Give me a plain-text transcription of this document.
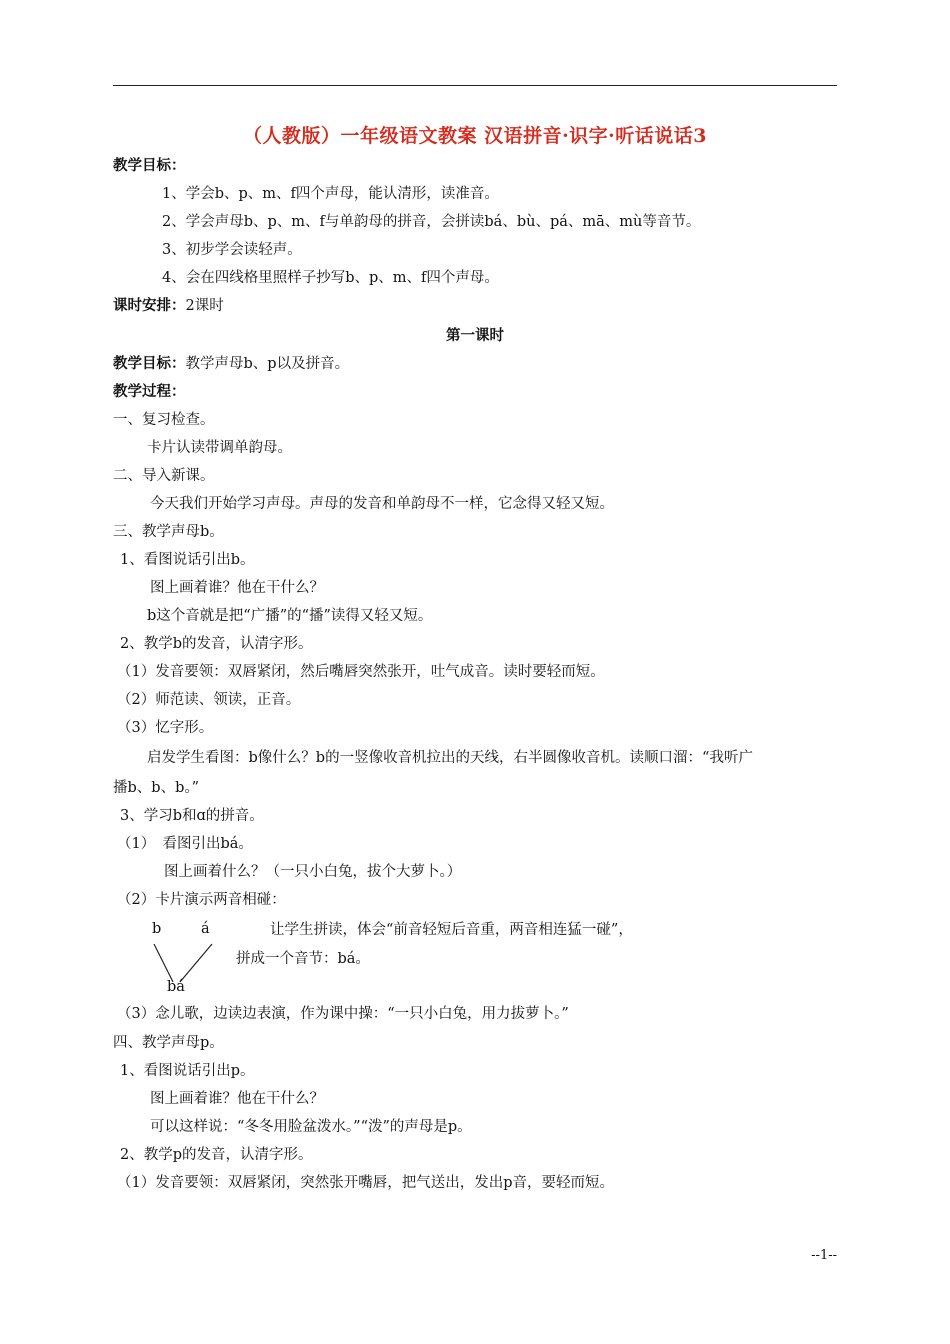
（人教版）一年级语文教案 汉语拼音·识字·听话说话3
教学目标：
1、学会b、p、m、f四个声母，能认清形，读准音。
2、学会声母b、p、m、f与单韵母的拼音，会拼读bá、bù、pá、mā、mù等音节。
3、初步学会读轻声。
4、会在四线格里照样子抄写b、p、m、f四个声母。
课时安排：2课时
第一课时
教学目标：教学声母b、p以及拼音。
教学过程：
一、复习检查。
卡片认读带调单韵母。
二、导入新课。
今天我们开始学习声母。声母的发音和单韵母不一样，它念得又轻又短。
三、教学声母b。
1、看图说话引出b。
图上画着谁？他在干什么？
b这个音就是把“广播”的“播”读得又轻又短。
2、教学b的发音，认清字形。
（1）发音要领：双唇紧闭，然后嘴唇突然张开，吐气成音。读时要轻而短。
（2）师范读、领读，正音。
（3）忆字形。
启发学生看图：b像什么？b的一竖像收音机拉出的天线，右半圆像收音机。读顺口溜：“我听广
播b、b、b。”
3、学习b和ɑ的拼音。
（1）　看图引出bá。
图上画着什么？（一只小白兔，拔个大萝卜。）
（2）卡片演示两音相碰：
b	á
bá
让学生拼读，体会“前音轻短后音重，两音相连猛一碰”，
拼成一个音节：bá。
（3）念儿歌，边读边表演，作为课中操：“一只小白兔，用力拔萝卜。”
四、教学声母p。
1、看图说话引出p。
图上画着谁？他在干什么？
可以这样说：“冬冬用脸盆泼水。”“泼”的声母是p。
2、教学p的发音，认清字形。
（1）发音要领：双唇紧闭，突然张开嘴唇，把气送出，发出p音，要轻而短。
--1--
